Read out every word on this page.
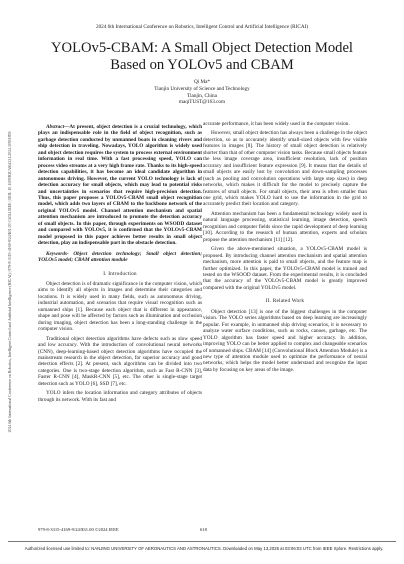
2024 6th International Conference on Robotics, Intelligent Control and Artificial Intelligence (RICAI) | 979-8-3315-4169-9/24/$31.00 ©2024 IEEE | DOI: 10.1109/RICAI64321.2024.10911859
2024 6th International Conference on Robotics, Intelligent Control and Artificial Intelligence (RICAI)
YOLOv5-CBAM: A Small Object Detection Model
Based on YOLOv5 and CBAM
Qi Ma*
Tianjin University of Science and Technology
Tianjin, China
maqiTUST@163.com

Abstract—At present, object detection is a crucial technology, which plays an indispensable role in the field of object recognition, such as garbage detection conducted by unmanned boats in cleaning rivers and ship detection in traveling. Nowadays, YOLO algorithm is widely used and object detection requires the system to process external environment information in real time. With a fast processing speed, YOLO can process video streams at a very high frame rate. Thanks to its high-speed detection capabilities, it has become an ideal candidate algorithm in autonomous driving. However, the current YOLO technology is lack of detection accuracy for small objects, which may lead to potential risks and uncertainties in scenarios that require high-precision detection. Thus, this paper proposes a YOLOv5-CBAM small object recognition model, which adds two layers of CBAM to the backbone network of the original YOLOv5 model. Channel attention mechanism and spatial attention mechanism are introduced to promote the detection accuracy of small objects. In this paper, through experiments on WSODD dataset and compared with YOLOv5, it is confirmed that the YOLOv5-CBAM model proposed in this paper achieves better results in small object detection, play an indispensable part in the obstacle detection.

Keywords- Object detection technology; Small object detection; YOLOv5 model; CBAM attention module

I. Introduction

Object detection is of dramatic significance in the computer vision, which aims to identify all objects in images and determine their categories and locations. It is widely used in many fields, such as autonomous driving, industrial automation, and scenarios that require visual recognition such as unmanned ships [1]. Because each object that is different in appearance, shape and pose will be affected by factors such as illumination and occlusion during imaging, object detection has been a long-standing challenge in the computer vision.

Traditional object detection algorithms have defects such as slow speed and low accuracy. With the introduction of convolutional neural networks (CNN), deep-learning-based object detection algorithms have occupied the mainstream research in the object detection, for superior accuracy and good detection effects [2]. At present, such algorithms can be divided into two categories. One is two-stage detection algorithm, such as Fast R-CNN [3], Faster R-CNN [4], MaskR-CNN [5], etc. The other is single-stage target detection such as YOLO [6], SSD [7], etc.

YOLO infers the location information and category attributes of objects through its network. With its fast and

accurate performance, it has been widely used in the computer vision.

However, small object detection has always been a challenge in the object detection, so as to accurately identify small-sized objects with few visible features in images [8]. The history of small object detection is relatively shorter than that of other computer vision tasks. Because small objects feature the less image coverage area, insufficient resolution, lack of position accuracy and insufficient feature expression [9]. It means that the details of small objects are easily lost by convolution and down-sampling processes (such as pooling and convolution operations with large step sizes) in deep networks, which makes it difficult for the model to precisely capture the features of small objects. For small objects, their area is often smaller than one grid, which makes YOLO hard to use the information in the grid to accurately predict their location and category.

Attention mechanism has been a fundamental technology widely used in natural language processing, statistical learning, image detection, speech recognition and computer fields since the rapid development of deep learning [10]. According to the research of human attention, experts and scholars propose the attention mechanism [11] [12].

Given the above-mentioned situation, a YOLOv5-CBAM model is proposed. By introducing channel attention mechanism and spatial attention mechanism, more attention is paid to small objects, and the feature map is further optimized. In this paper, the YOLOv5-CBAM model is trained and tested on the WSOOD dataset. From the experimental results, it is concluded that the accuracy of the YOLOv5-CBAM model is greatly improved compared with the original YOLOv5 model.

II. Related Work

Object detection [13] is one of the biggest challenges in the computer vision. The YOLO series algorithms based on deep learning are increasingly popular. For example, in unmanned ship driving scenarios, it is necessary to analyze water surface conditions, such as rocks, canoes, garbage, etc. The YOLO algorithm has faster speed and higher accuracy. In addition, improving YOLO can be better applied to complex and changeable scenarios of unmanned ships. CBAM [14] (Convolutional Block Attention Module) is a new type of attention module used to optimize the performance of neural networks, which helps the model better understand and recognize the input data by focusing on key areas of the image.

979-8-3315-4169-9/24/$31.00 ©2024 IEEE	618
Authorized licensed use limited to: NANJING UNIVERSITY OF AERONAUTICS AND ASTRONAUTICS. Downloaded on May 13,2025 at 03:06:03 UTC from IEEE Xplore. Restrictions apply.
